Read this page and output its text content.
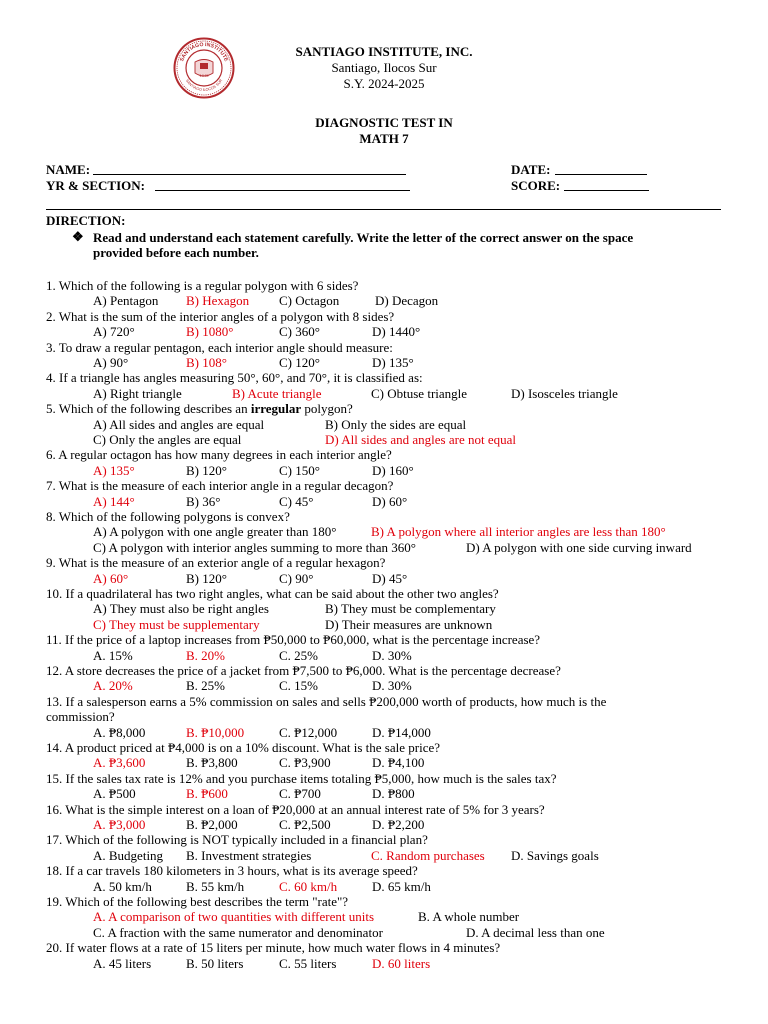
SANTIAGO INSTITUTE
SANTIAGO ILOCOS SUR
1945
SANTIAGO INSTITUTE, INC.
Santiago, Ilocos Sur
S.Y. 2024-2025
DIAGNOSTIC TEST IN
MATH 7
NAME:	DATE:
YR & SECTION:	SCORE:
DIRECTION:
❖ Read and understand each statement carefully. Write the letter of the correct answer on the space
provided before each number.
1. Which of the following is a regular polygon with 6 sides?
A) Pentagon B) Hexagon C) Octagon	D) Decagon
2. What is the sum of the interior angles of a polygon with 8 sides?
A) 720°	B) 1080°	C) 360°	D) 1440°
3. To draw a regular pentagon, each interior angle should measure:
A) 90°	B) 108°	C) 120°	D) 135°
4. If a triangle has angles measuring 50°, 60°, and 70°, it is classified as:
A) Right triangle	B) Acute triangle	C) Obtuse triangle	D) Isosceles triangle
5. Which of the following describes an irregular polygon?
A) All sides and angles are equal	B) Only the sides are equal
C) Only the angles are equal	D) All sides and angles are not equal
6. A regular octagon has how many degrees in each interior angle?
A) 135°	B) 120°	C) 150°	D) 160°
7. What is the measure of each interior angle in a regular decagon?
A) 144°	B) 36°	C) 45°	D) 60°
8. Which of the following polygons is convex?
A) A polygon with one angle greater than 180°	B) A polygon where all interior angles are less than 180°
C) A polygon with interior angles summing to more than 360°	D) A polygon with one side curving inward
9. What is the measure of an exterior angle of a regular hexagon?
A) 60°	B) 120°	C) 90°	D) 45°
10. If a quadrilateral has two right angles, what can be said about the other two angles?
A) They must also be right angles	B) They must be complementary
C) They must be supplementary	D) Their measures are unknown
11. If the price of a laptop increases from ₱50,000 to ₱60,000, what is the percentage increase?
A. 15%	B. 20%	C. 25%	D. 30%
12. A store decreases the price of a jacket from ₱7,500 to ₱6,000. What is the percentage decrease?
A. 20%	B. 25%	C. 15%	D. 30%
13. If a salesperson earns a 5% commission on sales and sells ₱200,000 worth of products, how much is the
commission?
A. ₱8,000	B. ₱10,000	C. ₱12,000	D. ₱14,000
14. A product priced at ₱4,000 is on a 10% discount. What is the sale price?
A. ₱3,600	B. ₱3,800	C. ₱3,900	D. ₱4,100
15. If the sales tax rate is 12% and you purchase items totaling ₱5,000, how much is the sales tax?
A. ₱500	B. ₱600	C. ₱700	D. ₱800
16. What is the simple interest on a loan of ₱20,000 at an annual interest rate of 5% for 3 years?
A. ₱3,000	B. ₱2,000	C. ₱2,500	D. ₱2,200
17. Which of the following is NOT typically included in a financial plan?
A. Budgeting B. Investment strategies	C. Random purchases D. Savings goals
18. If a car travels 180 kilometers in 3 hours, what is its average speed?
A. 50 km/h	B. 55 km/h	C. 60 km/h	D. 65 km/h
19. Which of the following best describes the term "rate"?
A. A comparison of two quantities with different units	B. A whole number
C. A fraction with the same numerator and denominator	D. A decimal less than one
20. If water flows at a rate of 15 liters per minute, how much water flows in 4 minutes?
A. 45 liters	B. 50 liters	C. 55 liters	D. 60 liters
